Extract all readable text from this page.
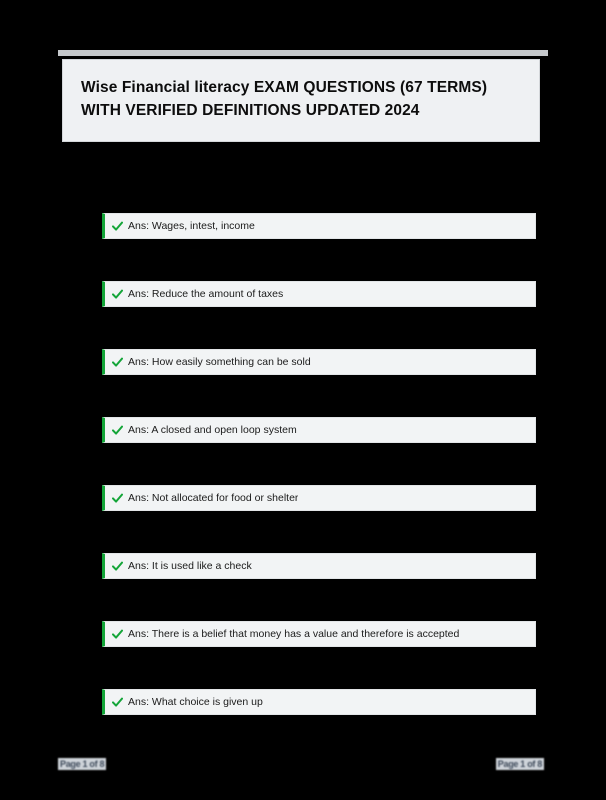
Wise Financial literacy EXAM QUESTIONS (67 TERMS) WITH VERIFIED DEFINITIONS UPDATED 2024
Ans: Wages, intest, income
Ans: Reduce the amount of taxes
Ans: How easily something can be sold
Ans: A closed and open loop system
Ans: Not allocated for food or shelter
Ans: It is used like a check
Ans: There is a belief that money has a value and therefore is accepted
Ans: What choice is given up
Page 1 of 8	Page 1 of 8
